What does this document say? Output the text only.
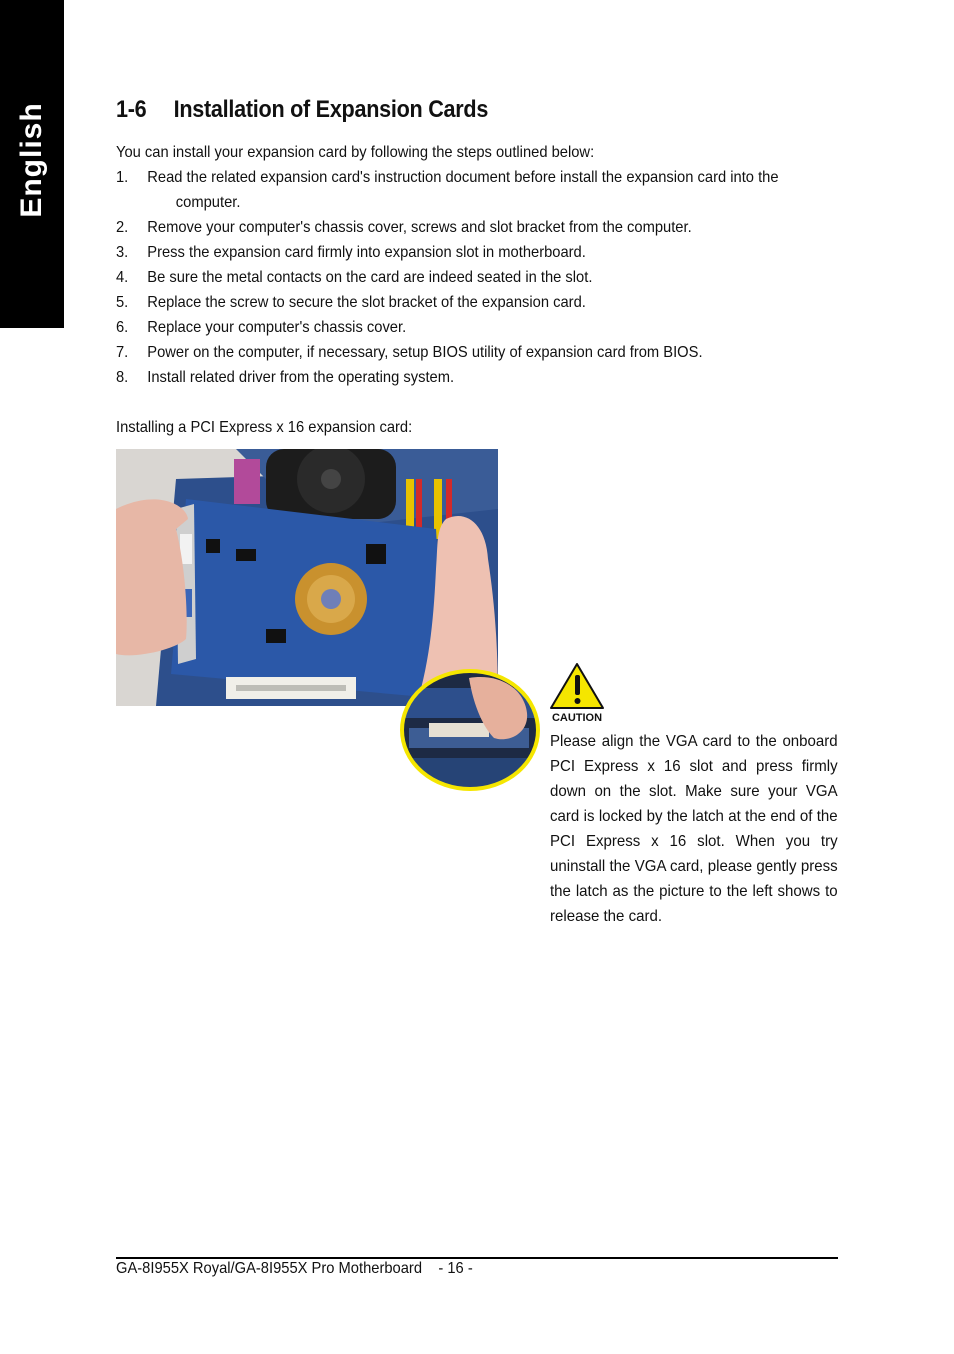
English	1-6 Installation of Expansion Cards
You can install your expansion card by following the steps outlined below:
1. Read the related expansion card's instruction document before install the expansion card into the
computer.
2. Remove your computer's chassis cover, screws and slot bracket from the computer.
3. Press the expansion card firmly into expansion slot in motherboard.
4. Be sure the metal contacts on the card are indeed seated in the slot.
5. Replace the screw to secure the slot bracket of the expansion card.
6. Replace your computer's chassis cover.
7. Power on the computer, if necessary, setup BIOS utility of expansion card from BIOS.
8. Install related driver from the operating system.
Installing a PCI Express x 16 expansion card:
CAUTION
Please align the VGA card to the onboard PCI Express x 16 slot and press firmly down on the slot. Make sure your VGA card is locked by the latch at the end of the PCI Express x 16 slot. When you try uninstall the VGA card, please gently press the latch as the picture to the left shows to release the card.
GA-8I955X Royal/GA-8I955X Pro Motherboard - 16 -
